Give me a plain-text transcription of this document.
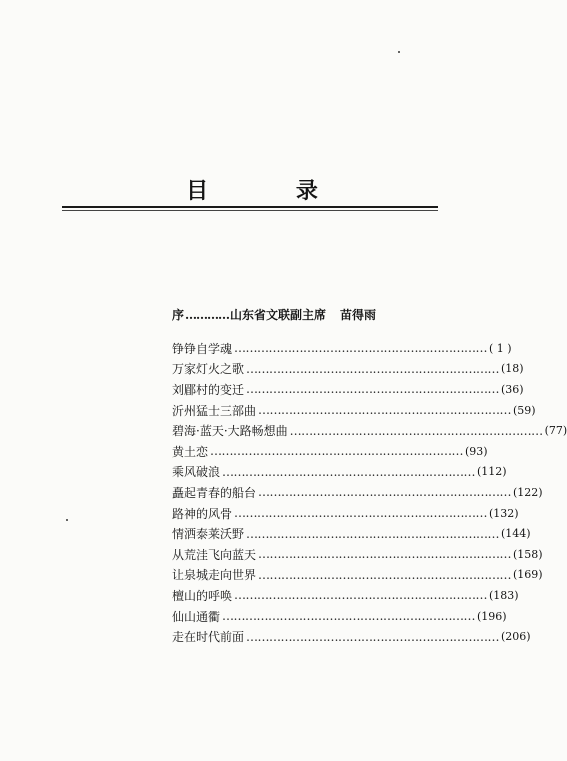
目 录
序 ………… 山东省文联副主席 苗得雨
铮铮自学魂 ………………………………………………………… ( 1 )
万家灯火之歌 ………………………………………………………… (18)
刘郿村的变迁 ………………………………………………………… (36)
沂州猛士三部曲 ………………………………………………………… (59)
碧海·蓝天·大路畅想曲 ………………………………………………………… (77)
黄土恋 ………………………………………………………… (93)
乘风破浪 ………………………………………………………… (112)
矗起青春的船台 ………………………………………………………… (122)
路神的风骨 ………………………………………………………… (132)
情洒泰莱沃野 ………………………………………………………… (144)
从荒洼飞向蓝天 ………………………………………………………… (158)
让泉城走向世界 ………………………………………………………… (169)
檀山的呼唤 ………………………………………………………… (183)
仙山通衢 ………………………………………………………… (196)
走在时代前面 ………………………………………………………… (206)
